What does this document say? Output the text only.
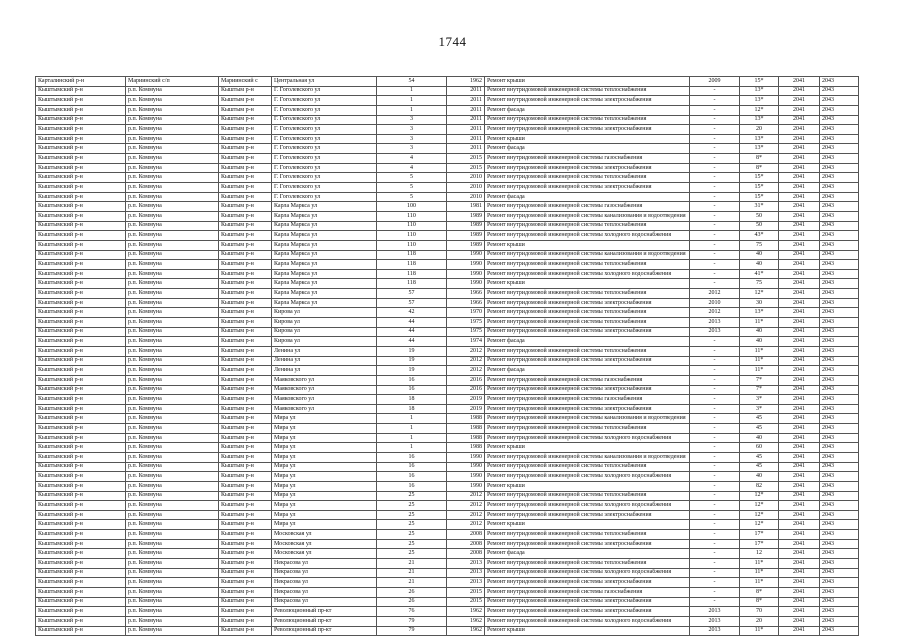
1744
Карталинский р-н	Мариинский с/п	Мариинский с	Центральная ул	54	1962	Ремонт крыши	2009	15*	2041	2043
Кыштымский р-н	р.п. Коммуна	Кыштым р-н	Г. Гоголевского ул	1	2011	Ремонт внутридомовой инженерной системы теплоснабжения	-	13*	2041	2043
Кыштымский р-н	р.п. Коммуна	Кыштым р-н	Г. Гоголевского ул	1	2011	Ремонт внутридомовой инженерной системы электроснабжения	-	13*	2041	2043
Кыштымский р-н	р.п. Коммуна	Кыштым р-н	Г. Гоголевского ул	1	2011	Ремонт фасада	-	12*	2041	2043
Кыштымский р-н	р.п. Коммуна	Кыштым р-н	Г. Гоголевского ул	3	2011	Ремонт внутридомовой инженерной системы теплоснабжения	-	13*	2041	2043
Кыштымский р-н	р.п. Коммуна	Кыштым р-н	Г. Гоголевского ул	3	2011	Ремонт внутридомовой инженерной системы электроснабжения	-	20	2041	2043
Кыштымский р-н	р.п. Коммуна	Кыштым р-н	Г. Гоголевского ул	3	2011	Ремонт крыши	-	13*	2041	2043
Кыштымский р-н	р.п. Коммуна	Кыштым р-н	Г. Гоголевского ул	3	2011	Ремонт фасада	-	13*	2041	2043
Кыштымский р-н	р.п. Коммуна	Кыштым р-н	Г. Гоголевского ул	4	2015	Ремонт внутридомовой инженерной системы газоснабжения	-	8*	2041	2043
Кыштымский р-н	р.п. Коммуна	Кыштым р-н	Г. Гоголевского ул	4	2015	Ремонт внутридомовой инженерной системы электроснабжения	-	8*	2041	2043
Кыштымский р-н	р.п. Коммуна	Кыштым р-н	Г. Гоголевского ул	5	2010	Ремонт внутридомовой инженерной системы теплоснабжения	-	15*	2041	2043
Кыштымский р-н	р.п. Коммуна	Кыштым р-н	Г. Гоголевского ул	5	2010	Ремонт внутридомовой инженерной системы электроснабжения	-	15*	2041	2043
Кыштымский р-н	р.п. Коммуна	Кыштым р-н	Г. Гоголевского ул	5	2010	Ремонт фасада	-	15*	2041	2043
Кыштымский р-н	р.п. Коммуна	Кыштым р-н	Карла Маркса ул	100	1981	Ремонт внутридомовой инженерной системы газоснабжения	-	31*	2041	2043
Кыштымский р-н	р.п. Коммуна	Кыштым р-н	Карла Маркса ул	110	1989	Ремонт внутридомовой инженерной системы канализования и водоотведения	-	50	2041	2043
Кыштымский р-н	р.п. Коммуна	Кыштым р-н	Карла Маркса ул	110	1989	Ремонт внутридомовой инженерной системы теплоснабжения	-	50	2041	2043
Кыштымский р-н	р.п. Коммуна	Кыштым р-н	Карла Маркса ул	110	1989	Ремонт внутридомовой инженерной системы холодного водоснабжения	-	43*	2041	2043
Кыштымский р-н	р.п. Коммуна	Кыштым р-н	Карла Маркса ул	110	1989	Ремонт крыши	-	75	2041	2043
Кыштымский р-н	р.п. Коммуна	Кыштым р-н	Карла Маркса ул	118	1990	Ремонт внутридомовой инженерной системы канализования и водоотведения	-	40	2041	2043
Кыштымский р-н	р.п. Коммуна	Кыштым р-н	Карла Маркса ул	118	1990	Ремонт внутридомовой инженерной системы теплоснабжения	-	40	2041	2043
Кыштымский р-н	р.п. Коммуна	Кыштым р-н	Карла Маркса ул	118	1990	Ремонт внутридомовой инженерной системы холодного водоснабжения	-	41*	2041	2043
Кыштымский р-н	р.п. Коммуна	Кыштым р-н	Карла Маркса ул	118	1990	Ремонт крыши	-	75	2041	2043
Кыштымский р-н	р.п. Коммуна	Кыштым р-н	Карла Маркса ул	57	1966	Ремонт внутридомовой инженерной системы теплоснабжения	2012	12*	2041	2043
Кыштымский р-н	р.п. Коммуна	Кыштым р-н	Карла Маркса ул	57	1966	Ремонт внутридомовой инженерной системы электроснабжения	2010	30	2041	2043
Кыштымский р-н	р.п. Коммуна	Кыштым р-н	Кирова ул	42	1970	Ремонт внутридомовой инженерной системы теплоснабжения	2012	13*	2041	2043
Кыштымский р-н	р.п. Коммуна	Кыштым р-н	Кирова ул	44	1975	Ремонт внутридомовой инженерной системы теплоснабжения	2013	11*	2041	2043
Кыштымский р-н	р.п. Коммуна	Кыштым р-н	Кирова ул	44	1975	Ремонт внутридомовой инженерной системы электроснабжения	2013	40	2041	2043
Кыштымский р-н	р.п. Коммуна	Кыштым р-н	Кирова ул	44	1974	Ремонт фасада	-	40	2041	2043
Кыштымский р-н	р.п. Коммуна	Кыштым р-н	Ленина ул	19	2012	Ремонт внутридомовой инженерной системы теплоснабжения	-	11*	2041	2043
Кыштымский р-н	р.п. Коммуна	Кыштым р-н	Ленина ул	19	2012	Ремонт внутридомовой инженерной системы электроснабжения	-	11*	2041	2043
Кыштымский р-н	р.п. Коммуна	Кыштым р-н	Ленина ул	19	2012	Ремонт фасада	-	11*	2041	2043
Кыштымский р-н	р.п. Коммуна	Кыштым р-н	Маяковского ул	16	2016	Ремонт внутридомовой инженерной системы газоснабжения	-	7*	2041	2043
Кыштымский р-н	р.п. Коммуна	Кыштым р-н	Маяковского ул	16	2016	Ремонт внутридомовой инженерной системы электроснабжения	-	7*	2041	2043
Кыштымский р-н	р.п. Коммуна	Кыштым р-н	Маяковского ул	18	2019	Ремонт внутридомовой инженерной системы газоснабжения	-	3*	2041	2043
Кыштымский р-н	р.п. Коммуна	Кыштым р-н	Маяковского ул	18	2019	Ремонт внутридомовой инженерной системы электроснабжения	-	3*	2041	2043
Кыштымский р-н	р.п. Коммуна	Кыштым р-н	Мира ул	1	1988	Ремонт внутридомовой инженерной системы канализования и водоотведения	-	45	2041	2043
Кыштымский р-н	р.п. Коммуна	Кыштым р-н	Мира ул	1	1988	Ремонт внутридомовой инженерной системы теплоснабжения	-	45	2041	2043
Кыштымский р-н	р.п. Коммуна	Кыштым р-н	Мира ул	1	1988	Ремонт внутридомовой инженерной системы холодного водоснабжения	-	40	2041	2043
Кыштымский р-н	р.п. Коммуна	Кыштым р-н	Мира ул	1	1988	Ремонт крыши	-	60	2041	2043
Кыштымский р-н	р.п. Коммуна	Кыштым р-н	Мира ул	16	1990	Ремонт внутридомовой инженерной системы канализования и водоотведения	-	45	2041	2043
Кыштымский р-н	р.п. Коммуна	Кыштым р-н	Мира ул	16	1990	Ремонт внутридомовой инженерной системы теплоснабжения	-	45	2041	2043
Кыштымский р-н	р.п. Коммуна	Кыштым р-н	Мира ул	16	1990	Ремонт внутридомовой инженерной системы холодного водоснабжения	-	40	2041	2043
Кыштымский р-н	р.п. Коммуна	Кыштым р-н	Мира ул	16	1990	Ремонт крыши	-	82	2041	2043
Кыштымский р-н	р.п. Коммуна	Кыштым р-н	Мира ул	25	2012	Ремонт внутридомовой инженерной системы теплоснабжения	-	12*	2041	2043
Кыштымский р-н	р.п. Коммуна	Кыштым р-н	Мира ул	25	2012	Ремонт внутридомовой инженерной системы холодного водоснабжения	-	12*	2041	2043
Кыштымский р-н	р.п. Коммуна	Кыштым р-н	Мира ул	25	2012	Ремонт внутридомовой инженерной системы электроснабжения	-	12*	2041	2043
Кыштымский р-н	р.п. Коммуна	Кыштым р-н	Мира ул	25	2012	Ремонт крыши	-	12*	2041	2043
Кыштымский р-н	р.п. Коммуна	Кыштым р-н	Московская ул	25	2008	Ремонт внутридомовой инженерной системы теплоснабжения	-	17*	2041	2043
Кыштымский р-н	р.п. Коммуна	Кыштым р-н	Московская ул	25	2008	Ремонт внутридомовой инженерной системы электроснабжения	-	17*	2041	2043
Кыштымский р-н	р.п. Коммуна	Кыштым р-н	Московская ул	25	2008	Ремонт фасада	-	12	2041	2043
Кыштымский р-н	р.п. Коммуна	Кыштым р-н	Некрасова ул	21	2013	Ремонт внутридомовой инженерной системы теплоснабжения	-	11*	2041	2043
Кыштымский р-н	р.п. Коммуна	Кыштым р-н	Некрасова ул	21	2013	Ремонт внутридомовой инженерной системы холодного водоснабжения	-	11*	2041	2043
Кыштымский р-н	р.п. Коммуна	Кыштым р-н	Некрасова ул	21	2013	Ремонт внутридомовой инженерной системы электроснабжения	-	11*	2041	2043
Кыштымский р-н	р.п. Коммуна	Кыштым р-н	Некрасова ул	26	2015	Ремонт внутридомовой инженерной системы газоснабжения	-	8*	2041	2043
Кыштымский р-н	р.п. Коммуна	Кыштым р-н	Некрасова ул	26	2015	Ремонт внутридомовой инженерной системы электроснабжения	-	8*	2041	2043
Кыштымский р-н	р.п. Коммуна	Кыштым р-н	Революционный пр-кт	76	1962	Ремонт внутридомовой инженерной системы электроснабжения	2013	70	2041	2043
Кыштымский р-н	р.п. Коммуна	Кыштым р-н	Революционный пр-кт	79	1962	Ремонт внутридомовой инженерной системы холодного водоснабжения	2013	20	2041	2043
Кыштымский р-н	р.п. Коммуна	Кыштым р-н	Революционный пр-кт	79	1962	Ремонт крыши	2013	11*	2041	2043
